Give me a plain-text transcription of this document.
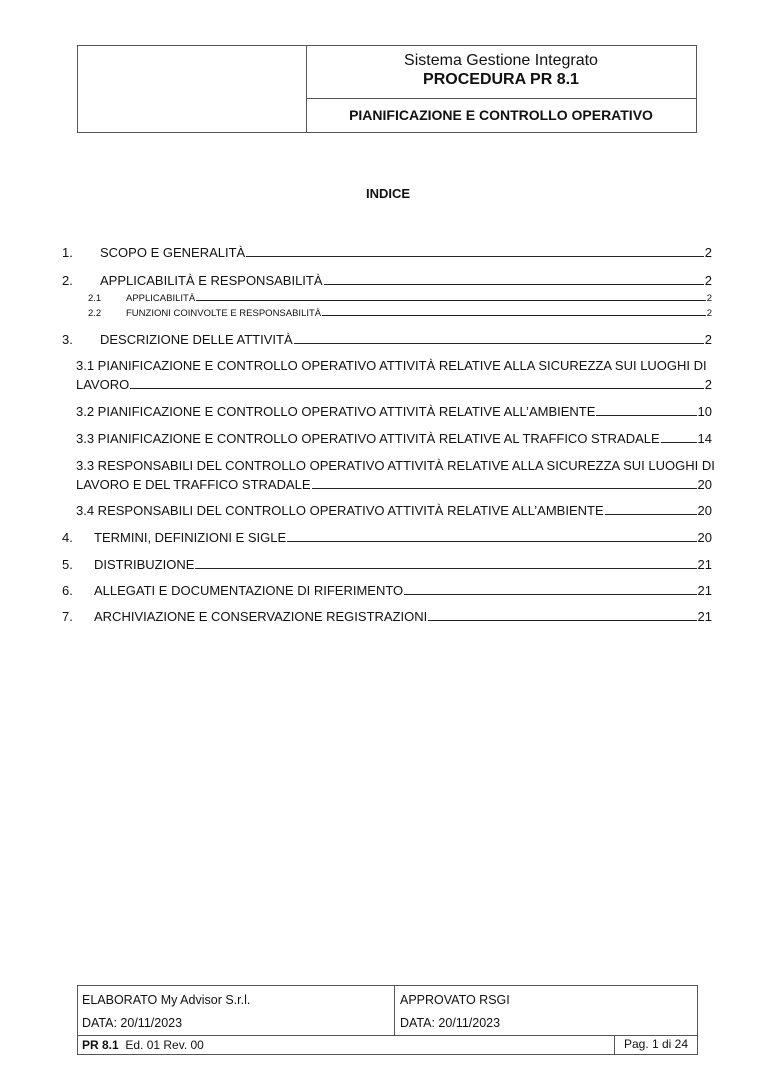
Sistema Gestione Integrato
PROCEDURA PR 8.1
PIANIFICAZIONE E CONTROLLO OPERATIVO
INDICE
1.	SCOPO E GENERALITÀ	2
2.	APPLICABILITÀ E RESPONSABILITÀ	2
2.1	APPLICABILITÀ	2
2.2	FUNZIONI COINVOLTE E RESPONSABILITÀ	2
3.	DESCRIZIONE DELLE ATTIVITÀ	2
3.1 PIANIFICAZIONE E CONTROLLO OPERATIVO ATTIVITÀ RELATIVE ALLA SICUREZZA SUI LUOGHI DI
LAVORO	2
3.2 PIANIFICAZIONE E CONTROLLO OPERATIVO ATTIVITÀ RELATIVE ALL’AMBIENTE	10
3.3 PIANIFICAZIONE E CONTROLLO OPERATIVO ATTIVITÀ RELATIVE AL TRAFFICO STRADALE	14
3.3 RESPONSABILI DEL CONTROLLO OPERATIVO ATTIVITÀ RELATIVE ALLA SICUREZZA SUI LUOGHI DI
LAVORO E DEL TRAFFICO STRADALE	20
3.4 RESPONSABILI DEL CONTROLLO OPERATIVO ATTIVITÀ RELATIVE ALL’AMBIENTE	20
4.	TERMINI, DEFINIZIONI E SIGLE	20
5.	DISTRIBUZIONE	21
6.	ALLEGATI E DOCUMENTAZIONE DI RIFERIMENTO	21
7.	ARCHIVIAZIONE E CONSERVAZIONE REGISTRAZIONI	21
ELABORATO My Advisor S.r.l.
DATA: 20/11/2023
APPROVATO RSGI
DATA: 20/11/2023
PR 8.1 Ed. 01 Rev. 00	Pag. 1 di 24
